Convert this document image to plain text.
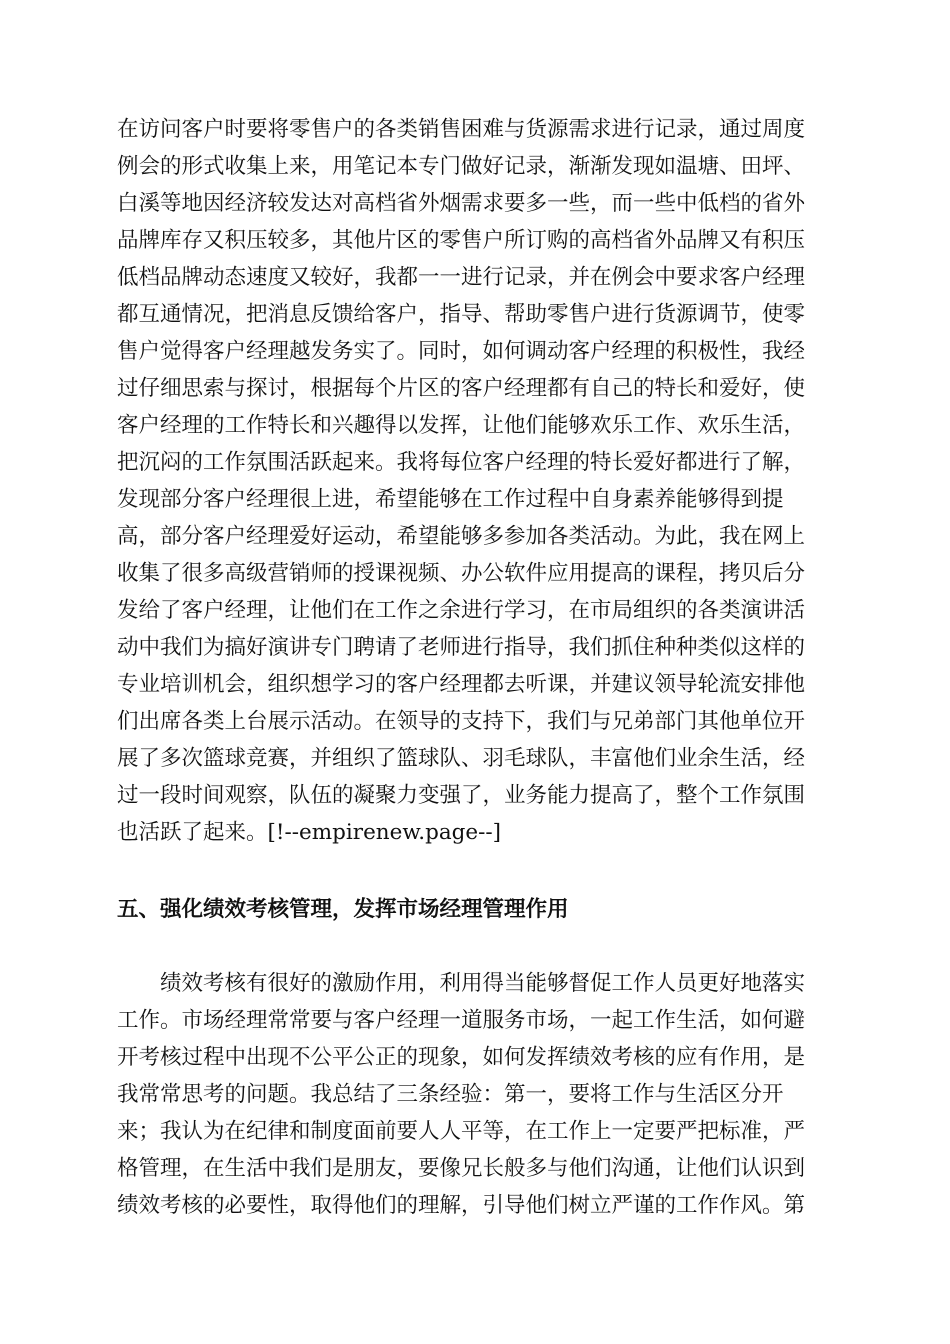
在访问客户时要将零售户的各类销售困难与货源需求进行记录，通过周度
例会的形式收集上来，用笔记本专门做好记录，渐渐发现如温塘、田坪、
白溪等地因经济较发达对高档省外烟需求要多一些，而一些中低档的省外
品牌库存又积压较多，其他片区的零售户所订购的高档省外品牌又有积压
低档品牌动态速度又较好，我都一一进行记录，并在例会中要求客户经理
都互通情况，把消息反馈给客户，指导、帮助零售户进行货源调节，使零
售户觉得客户经理越发务实了。同时，如何调动客户经理的积极性，我经
过仔细思索与探讨，根据每个片区的客户经理都有自己的特长和爱好，使
客户经理的工作特长和兴趣得以发挥，让他们能够欢乐工作、欢乐生活，
把沉闷的工作氛围活跃起来。我将每位客户经理的特长爱好都进行了解，
发现部分客户经理很上进，希望能够在工作过程中自身素养能够得到提
高，部分客户经理爱好运动，希望能够多参加各类活动。为此，我在网上
收集了很多高级营销师的授课视频、办公软件应用提高的课程，拷贝后分
发给了客户经理，让他们在工作之余进行学习，在市局组织的各类演讲活
动中我们为搞好演讲专门聘请了老师进行指导，我们抓住种种类似这样的
专业培训机会，组织想学习的客户经理都去听课，并建议领导轮流安排他
们出席各类上台展示活动。在领导的支持下，我们与兄弟部门其他单位开
展了多次篮球竞赛，并组织了篮球队、羽毛球队，丰富他们业余生活，经
过一段时间观察，队伍的凝聚力变强了，业务能力提高了，整个工作氛围
也活跃了起来。[!--empirenew.page--]
五、强化绩效考核管理，发挥市场经理管理作用
　　绩效考核有很好的激励作用，利用得当能够督促工作人员更好地落实
工作。市场经理常常要与客户经理一道服务市场，一起工作生活，如何避
开考核过程中出现不公平公正的现象，如何发挥绩效考核的应有作用，是
我常常思考的问题。我总结了三条经验：第一，要将工作与生活区分开
来；我认为在纪律和制度面前要人人平等，在工作上一定要严把标准，严
格管理，在生活中我们是朋友，要像兄长般多与他们沟通，让他们认识到
绩效考核的必要性，取得他们的理解，引导他们树立严谨的工作作风。第
